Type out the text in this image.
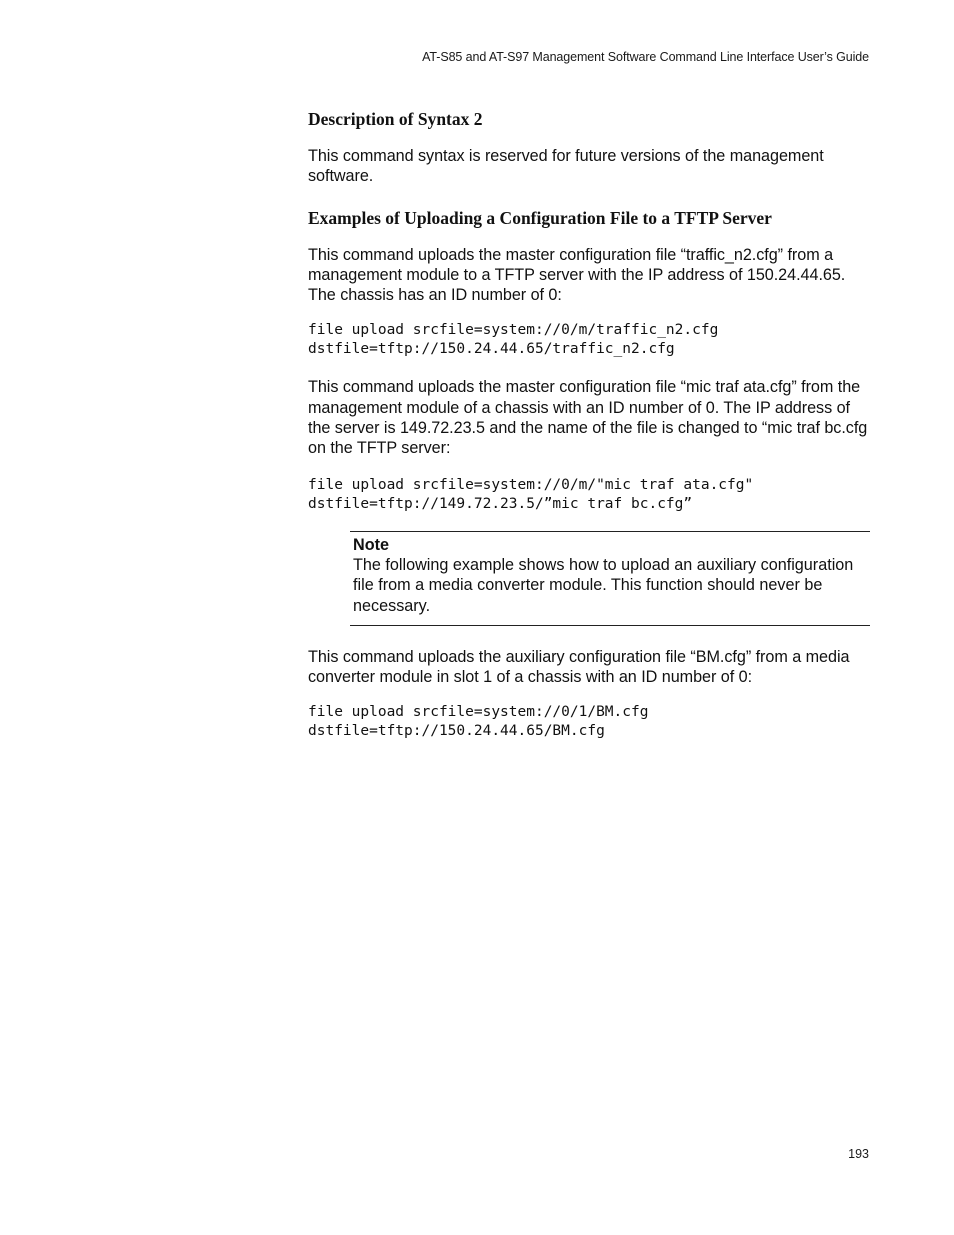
AT-S85 and AT-S97 Management Software Command Line Interface User’s Guide
Description of Syntax 2

This command syntax is reserved for future versions of the management software.

Examples of Uploading a Configuration File to a TFTP Server

This command uploads the master configuration file “traffic_n2.cfg” from a management module to a TFTP server with the IP address of 150.24.44.65. The chassis has an ID number of 0:

file upload srcfile=system://0/m/traffic_n2.cfg
dstfile=tftp://150.24.44.65/traffic_n2.cfg

This command uploads the master configuration file “mic traf ata.cfg” from the management module of a chassis with an ID number of 0. The IP address of the server is 149.72.23.5 and the name of the file is changed to “mic traf bc.cfg on the TFTP server:

file upload srcfile=system://0/m/"mic traf ata.cfg"
dstfile=tftp://149.72.23.5/”mic traf bc.cfg”
Note
The following example shows how to upload an auxiliary configuration file from a media converter module. This function should never be necessary.

This command uploads the auxiliary configuration file “BM.cfg” from a media converter module in slot 1 of a chassis with an ID number of 0:

file upload srcfile=system://0/1/BM.cfg
dstfile=tftp://150.24.44.65/BM.cfg
193
